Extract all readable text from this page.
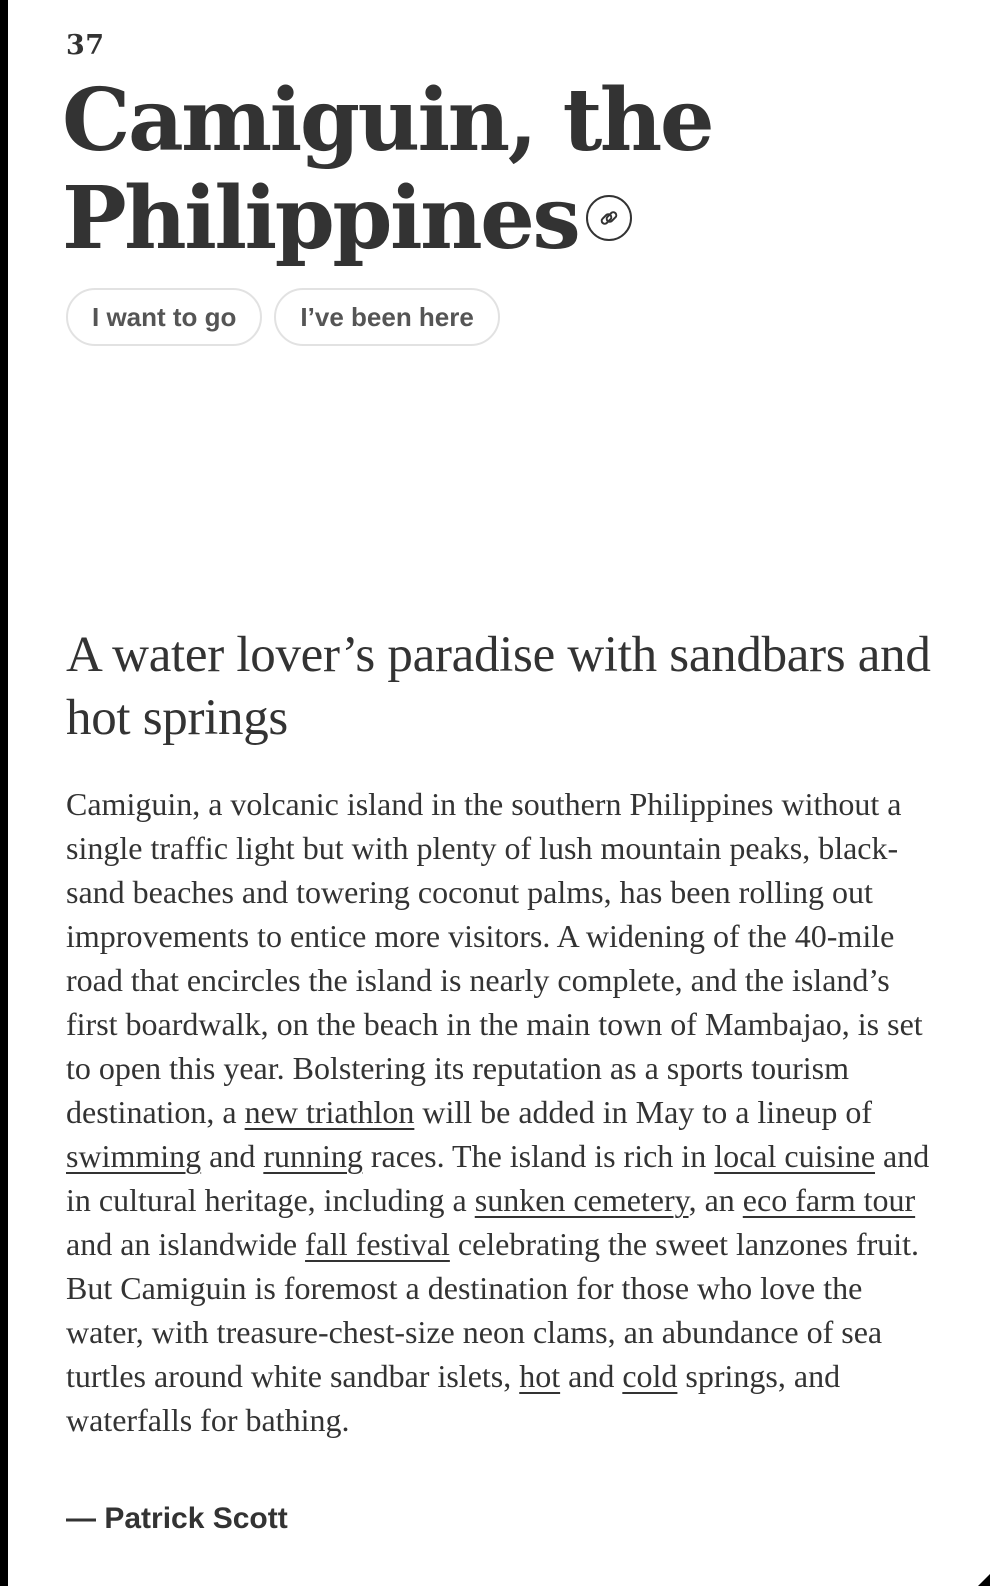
37
Camiguin, the Philippines
I want to go	I’ve been here
A water lover’s paradise with sandbars and hot springs

Camiguin, a volcanic island in the southern Philippines without a single traffic light but with plenty of lush mountain peaks, black-sand beaches and towering coconut palms, has been rolling out improvements to entice more visitors. A widening of the 40-mile road that encircles the island is nearly complete, and the island’s first boardwalk, on the beach in the main town of Mambajao, is set to open this year. Bolstering its reputation as a sports tourism destination, a new triathlon will be added in May to a lineup of swimming and running races. The island is rich in local cuisine and in cultural heritage, including a sunken cemetery, an eco farm tour and an islandwide fall festival celebrating the sweet lanzones fruit. But Camiguin is foremost a destination for those who love the water, with treasure-chest-size neon clams, an abundance of sea turtles around white sandbar islets, hot and cold springs, and waterfalls for bathing.

— Patrick Scott
